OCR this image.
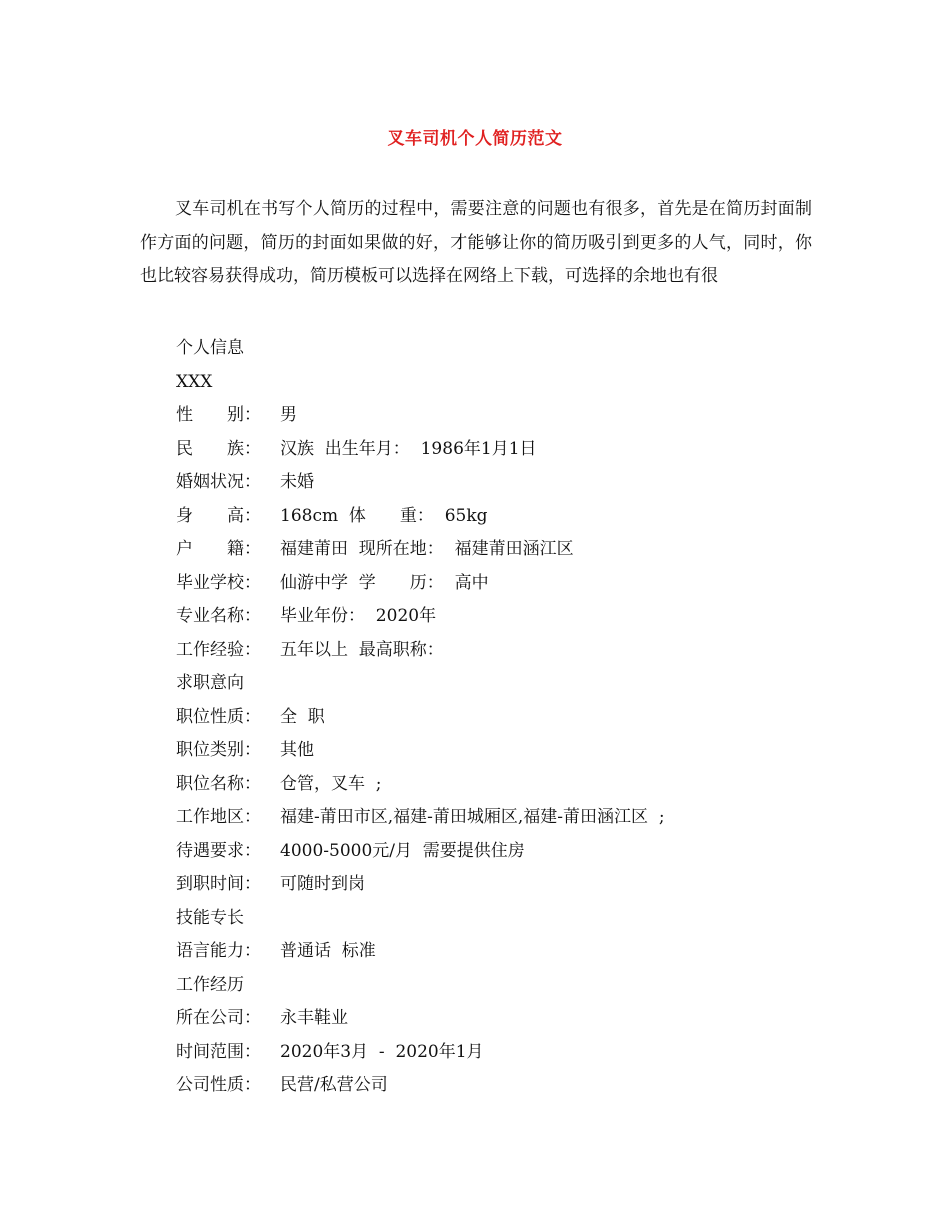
叉车司机个人简历范文

叉车司机在书写个人简历的过程中，需要注意的问题也有很多，首先是在简历封面制作方面的问题，简历的封面如果做的好，才能够让你的简历吸引到更多的人气，同时，你也比较容易获得成功，简历模板可以选择在网络上下载，可选择的余地也有很

个人信息
XXX
性　　别： 男
民　　族： 汉族  出生年月：  1986年1月1日
婚姻状况： 未婚
身　　高： 168cm  体　　重：  65kg
户　　籍： 福建莆田  现所在地：  福建莆田涵江区
毕业学校： 仙游中学  学　　历：  高中
专业名称： 毕业年份：  2020年
工作经验： 五年以上  最高职称：
求职意向
职位性质： 全  职
职位类别： 其他
职位名称： 仓管，叉车  ;
工作地区： 福建-莆田市区,福建-莆田城厢区,福建-莆田涵江区  ;
待遇要求： 4000-5000元/月  需要提供住房
到职时间： 可随时到岗
技能专长
语言能力： 普通话  标准
工作经历
所在公司： 永丰鞋业
时间范围： 2020年3月  -  2020年1月
公司性质： 民营/私营公司
